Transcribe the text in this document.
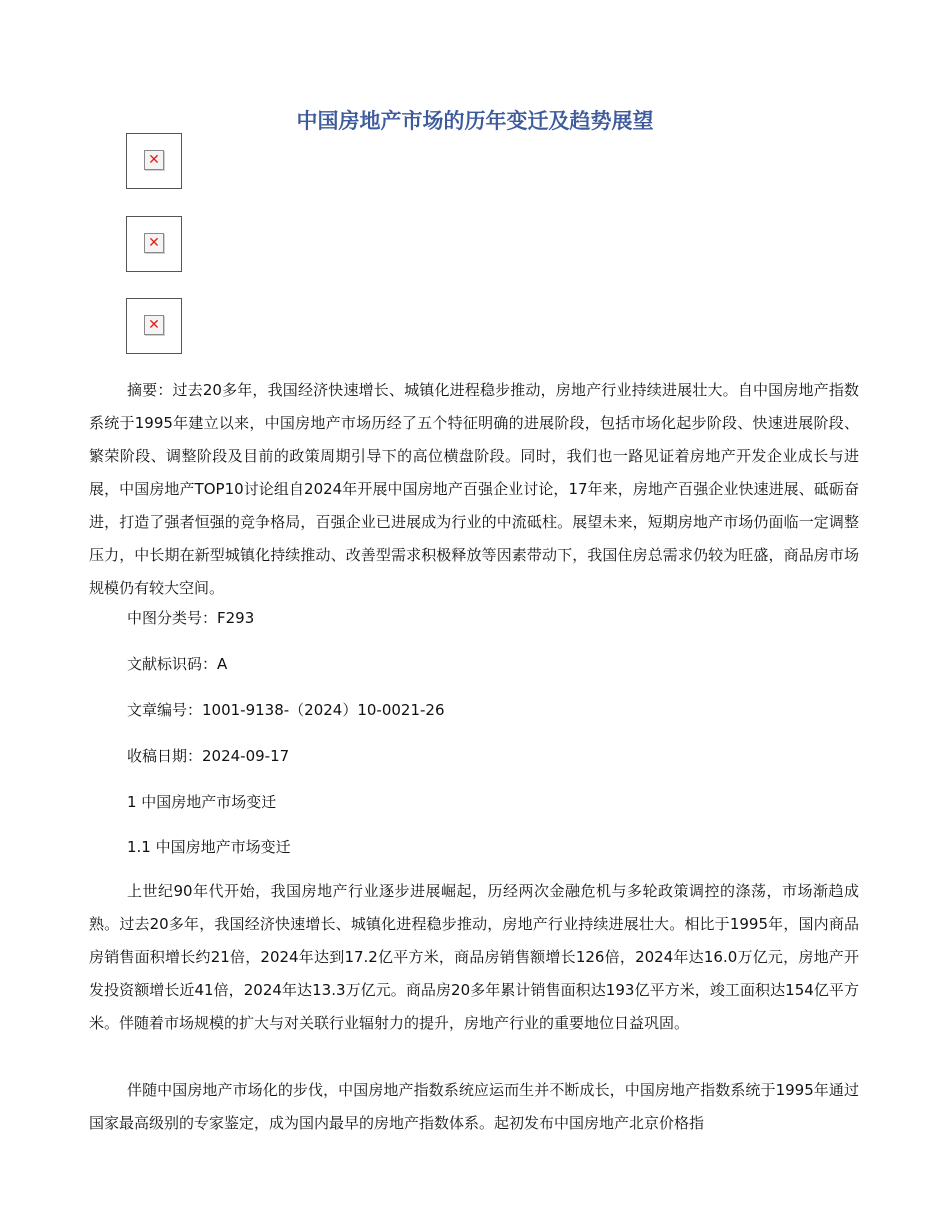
中国房地产市场的历年变迁及趋势展望
✕
✕
✕

摘要：过去20多年，我国经济快速增长、城镇化进程稳步推动，房地产行业持续进展壮大。自中国房地产指数系统于1995年建立以来，中国房地产市场历经了五个特征明确的进展阶段，包括市场化起步阶段、快速进展阶段、繁荣阶段、调整阶段及目前的政策周期引导下的高位横盘阶段。同时，我们也一路见证着房地产开发企业成长与进展，中国房地产TOP10讨论组自2024年开展中国房地产百强企业讨论，17年来，房地产百强企业快速进展、砥砺奋进，打造了强者恒强的竞争格局，百强企业已进展成为行业的中流砥柱。展望未来，短期房地产市场仍面临一定调整压力，中长期在新型城镇化持续推动、改善型需求积极释放等因素带动下，我国住房总需求仍较为旺盛，商品房市场规模仍有较大空间。

中图分类号：F293

文献标识码：A

文章编号：1001-9138-（2024）10-0021-26

收稿日期：2024-09-17

1 中国房地产市场变迁

1.1 中国房地产市场变迁

上世纪90年代开始，我国房地产行业逐步进展崛起，历经两次金融危机与多轮政策调控的涤荡，市场渐趋成熟。过去20多年，我国经济快速增长、城镇化进程稳步推动，房地产行业持续进展壮大。相比于1995年，国内商品房销售面积增长约21倍，2024年达到17.2亿平方米，商品房销售额增长126倍，2024年达16.0万亿元，房地产开发投资额增长近41倍，2024年达13.3万亿元。商品房20多年累计销售面积达193亿平方米，竣工面积达154亿平方米。伴随着市场规模的扩大与对关联行业辐射力的提升，房地产行业的重要地位日益巩固。

伴随中国房地产市场化的步伐，中国房地产指数系统应运而生并不断成长，中国房地产指数系统于1995年通过国家最高级别的专家鉴定，成为国内最早的房地产指数体系。起初发布中国房地产北京价格指
